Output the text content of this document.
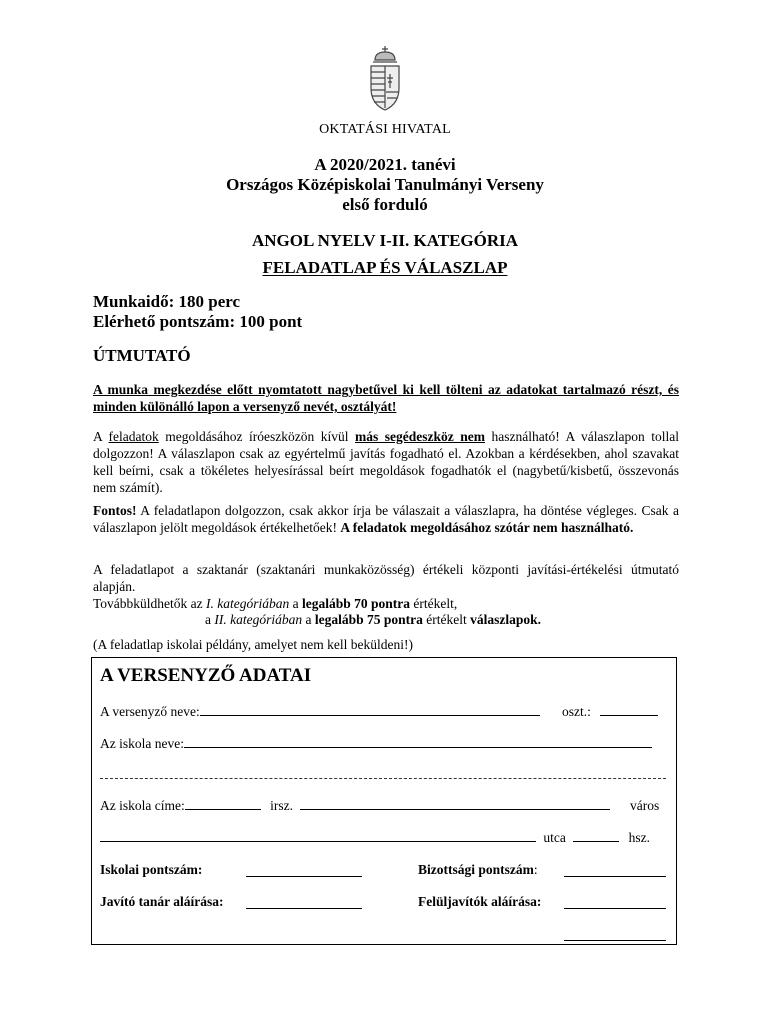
OKTATÁSI HIVATAL
A 2020/2021. tanévi
Országos Középiskolai Tanulmányi Verseny
első forduló
ANGOL NYELV I-II. KATEGÓRIA
FELADATLAP ÉS VÁLASZLAP
Munkaidő: 180 perc
Elérhető pontszám: 100 pont
ÚTMUTATÓ
A munka megkezdése előtt nyomtatott nagybetűvel ki kell tölteni az adatokat tartalmazó részt, és minden különálló lapon a versenyző nevét, osztályát!
A feladatok megoldásához íróeszközön kívül más segédeszköz nem használható! A válaszlapon tollal dolgozzon! A válaszlapon csak az egyértelmű javítás fogadható el. Azokban a kérdésekben, ahol szavakat kell beírni, csak a tökéletes helyesírással beírt megoldások fogadhatók el (nagybetű/kisbetű, összevonás nem számít).
Fontos! A feladatlapon dolgozzon, csak akkor írja be válaszait a válaszlapra, ha döntése végleges. Csak a válaszlapon jelölt megoldások értékelhetőek! A feladatok megoldásához szótár nem használható.
A feladatlapot a szaktanár (szaktanári munkaközösség) értékeli központi javítási-értékelési útmutató alapján.
Továbbküldhetők az I. kategóriában a legalább 70 pontra értékelt,
a II. kategóriában a legalább 75 pontra értékelt válaszlapok.
(A feladatlap iskolai példány, amelyet nem kell beküldeni!)
A VERSENYZŐ ADATAI
A versenyző neve:	oszt.:
Az iskola neve:
Az iskola címe:	irsz.	város
utca	hsz.
Iskolai pontszám:	Bizottsági pontszám:
Javító tanár aláírása:	Felüljavítók aláírása:
